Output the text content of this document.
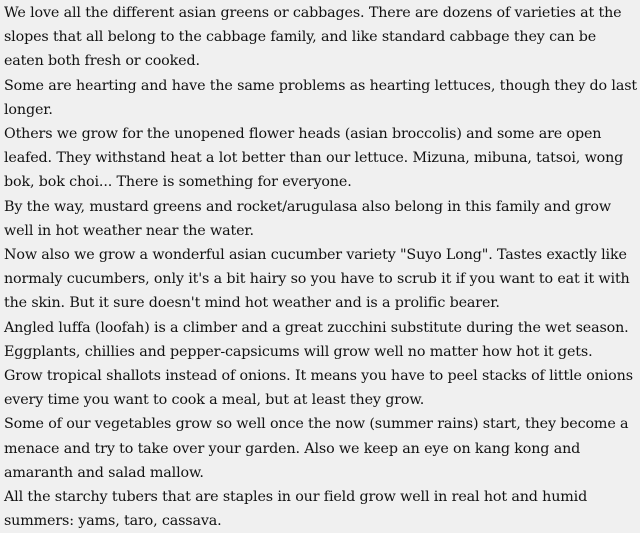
We love all the different asian greens or cabbages. There are dozens of varieties at the slopes that all belong to the cabbage family, and like standard cabbage they can be eaten both fresh or cooked.

Some are hearting and have the same problems as hearting lettuces, though they do last longer.

Others we grow for the unopened flower heads (asian broccolis) and some are open leafed. They withstand heat a lot better than our lettuce. Mizuna, mibuna, tatsoi, wong bok, bok choi... There is something for everyone.

By the way, mustard greens and rocket/arugulasa also belong in this family and grow well in hot weather near the water.

Now also we grow a wonderful asian cucumber variety "Suyo Long". Tastes exactly like normaly cucumbers, only it's a bit hairy so you have to scrub it if you want to eat it with the skin. But it sure doesn't mind hot weather and is a prolific bearer.

Angled luffa (loofah) is a climber and a great zucchini substitute during the wet season.

Eggplants, chillies and pepper-capsicums will grow well no matter how hot it gets.

Grow tropical shallots instead of onions. It means you have to peel stacks of little onions every time you want to cook a meal, but at least they grow.

Some of our vegetables grow so well once the now (summer rains) start, they become a menace and try to take over your garden. Also we keep an eye on kang kong and amaranth and salad mallow.

All the starchy tubers that are staples in our field grow well in real hot and humid summers: yams, taro, cassava.
